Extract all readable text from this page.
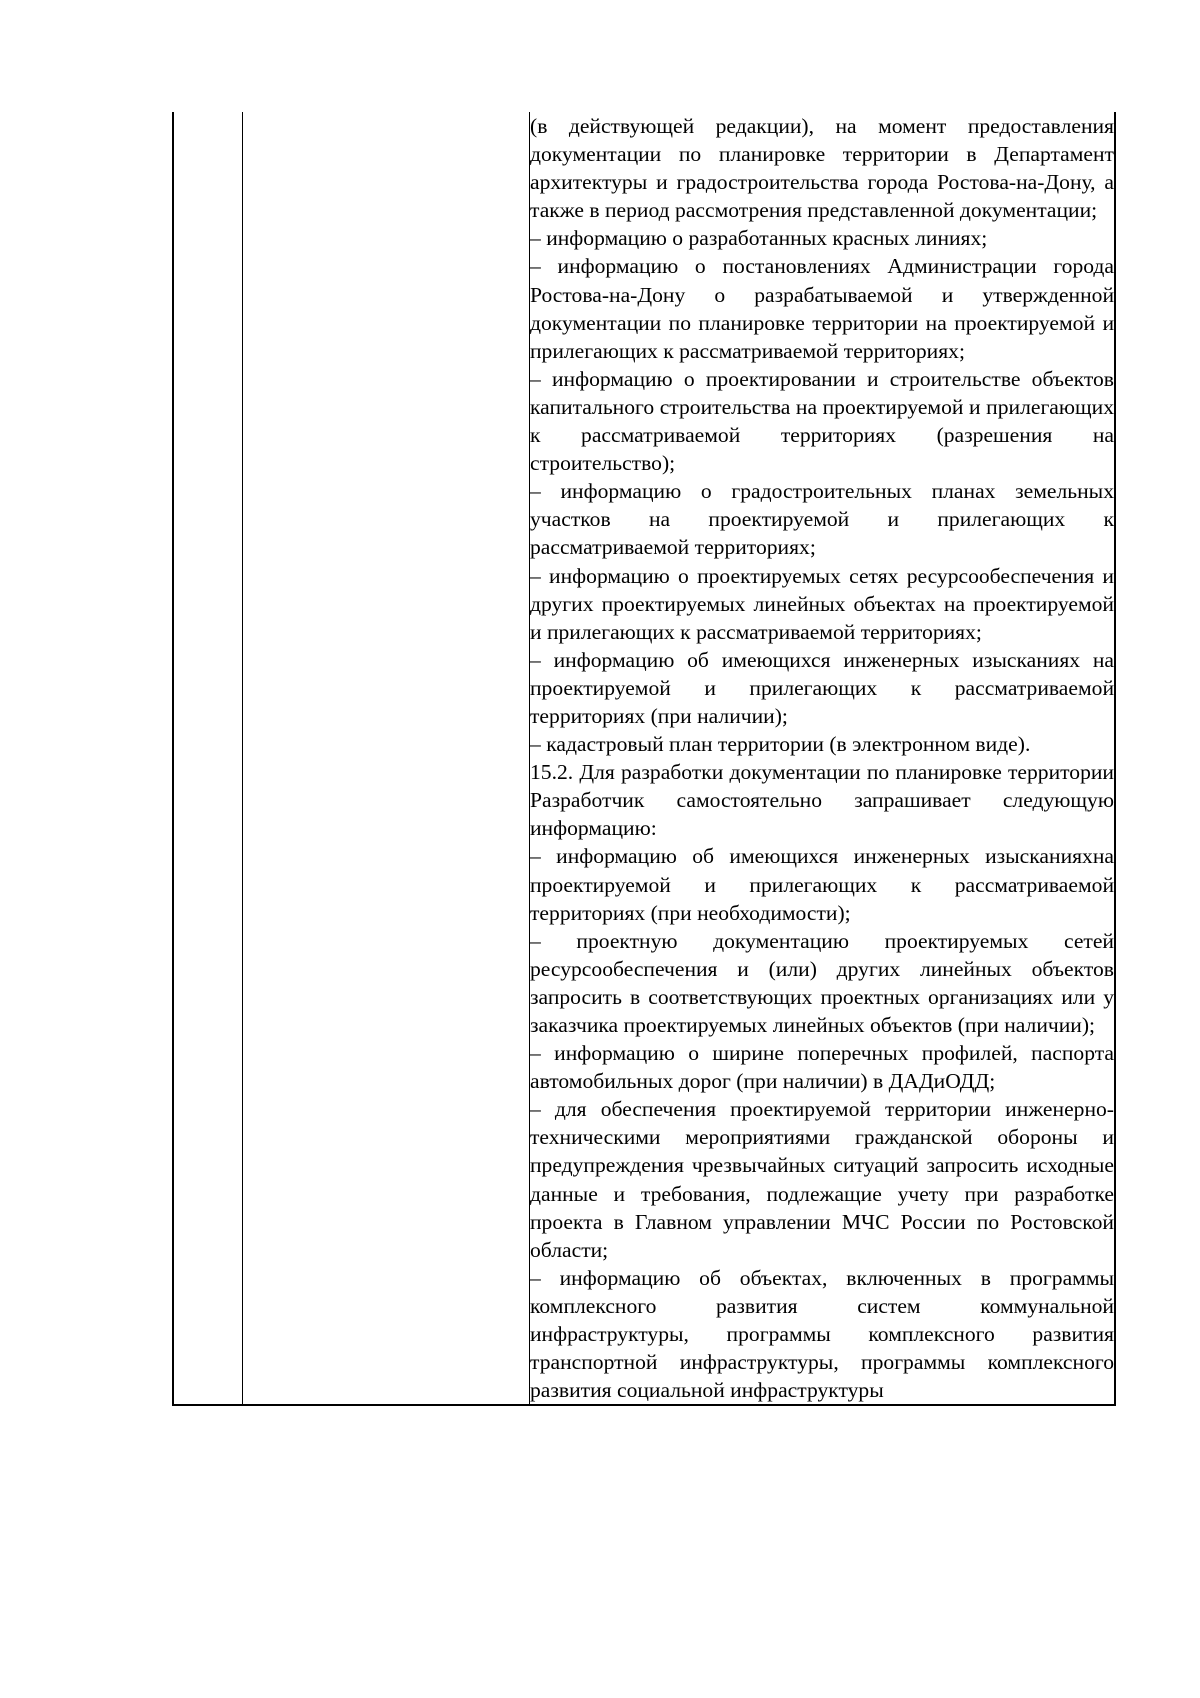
(в действующей редакции), на момент предоставления документации по планировке территории в Департамент архитектуры и градостроительства города Ростова-на-Дону, а также в период рассмотрения представленной документации;

– информацию о разработанных красных линиях;

– информацию о постановлениях Администрации города Ростова-на-Дону о разрабатываемой и утвержденной документации по планировке территории на проектируемой и прилегающих к рассматриваемой территориях;

– информацию о проектировании и строительстве объектов капитального строительства на проектируемой и прилегающих к рассматриваемой территориях (разрешения на строительство);

– информацию о градостроительных планах земельных участков на проектируемой и прилегающих к рассматриваемой территориях;

– информацию о проектируемых сетях ресурсообеспечения и других проектируемых линейных объектах на проектируемой и прилегающих к рассматриваемой территориях;

– информацию об имеющихся инженерных изысканиях на проектируемой и прилегающих к рассматриваемой территориях (при наличии);

– кадастровый план территории (в электронном виде).

15.2. Для разработки документации по планировке территории Разработчик самостоятельно запрашивает следующую информацию:

– информацию об имеющихся инженерных изысканияхна проектируемой и прилегающих к рассматриваемой территориях (при необходимости);

– проектную документацию проектируемых сетей ресурсообеспечения и (или) других линейных объектов запросить в соответствующих проектных организациях или у заказчика проектируемых линейных объектов (при наличии);

– информацию о ширине поперечных профилей, паспорта автомобильных дорог (при наличии) в ДАДиОДД;

– для обеспечения проектируемой территории инженерно-техническими мероприятиями гражданской обороны и предупреждения чрезвычайных ситуаций запросить исходные данные и требования, подлежащие учету при разработке проекта в Главном управлении МЧС России по Ростовской области;

– информацию об объектах, включенных в программы комплексного развития систем коммунальной инфраструктуры, программы комплексного развития транспортной инфраструктуры, программы комплексного развития социальной инфраструктуры
